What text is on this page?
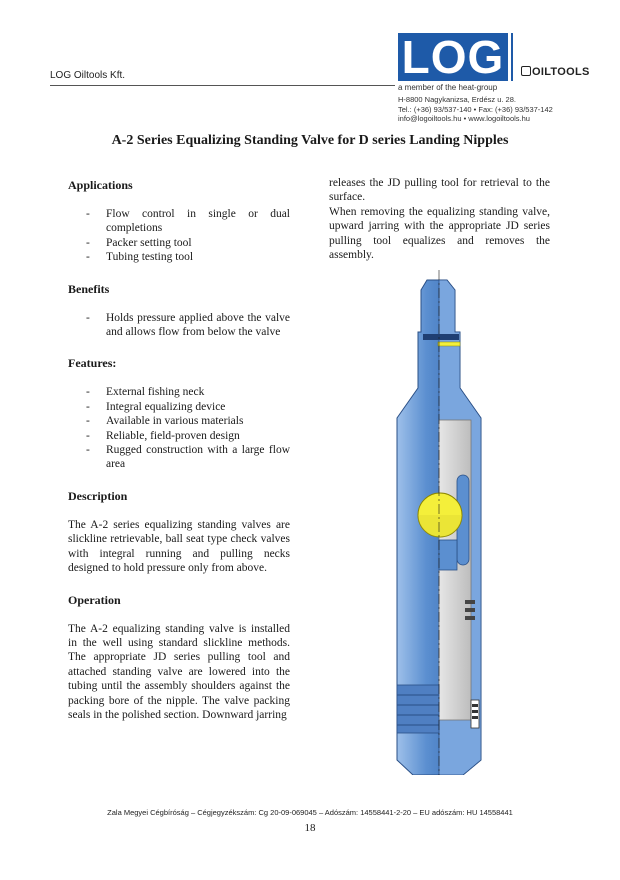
LOG Oiltools Kft.	LOG
a member of the heat-group
OILTOOLS
H-8800 Nagykanizsa, Erdész u. 28.
Tel.: (+36) 93/537-140 • Fax: (+36) 93/537-142
info@logoiltools.hu • www.logoiltools.hu
A-2 Series Equalizing Standing Valve for D series Landing Nipples
Applications
- Flow control in single or dual completions
- Packer setting tool
- Tubing testing tool
Benefits
- Holds pressure applied above the valve and allows flow from below the valve
Features:
- External fishing neck
- Integral equalizing device
- Available in various materials
- Reliable, field-proven design
- Rugged construction with a large flow area
Description
The A-2 series equalizing standing valves are slickline retrievable, ball seat type check valves with integral running and pulling necks designed to hold pressure only from above.
Operation
The A-2 equalizing standing valve is installed in the well using standard slickline methods. The appropriate JD series pulling tool and attached standing valve are lowered into the tubing until the assembly shoulders against the packing bore of the nipple. The valve packing seals in the polished section. Downward jarring
releases the JD pulling tool for retrieval to the surface.
When removing the equalizing standing valve, upward jarring with the appropriate JD series pulling tool equalizes and removes the assembly.
Zala Megyei Cégbíróság – Cégjegyzékszám: Cg 20-09-069045 – Adószám: 14558441-2-20 – EU adószám: HU 14558441
18
